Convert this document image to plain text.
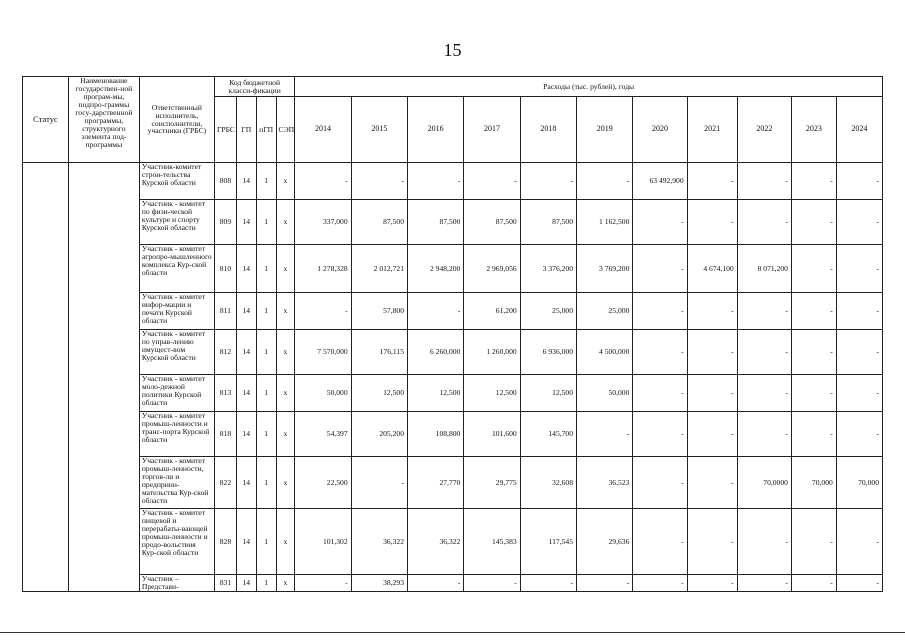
15
Статус	Наименование государствен-ной програм-мы, подпро-граммы госу-дарственной программы, структурного элемента под-программы	Ответственный исполнитель, соисполнители, участники (ГРБС)	Код бюджетной класси-фикации				Расходы (тыс. рублей), годы										
			ГРБС	ГП	пГП	СЭП	2014	2015	2016	2017	2018	2019	2020	2021	2022	2023	2024
		Участник-комитет строи-тельства Курской области	808	14	1	x	-	-	-	-	-	-	63 492,900	-	-	-	-
		Участник - комитет по физи-ческой культуре и спорту Курской области	809	14	1	x	337,000	87,500	87,500	87,500	87,500	1 162,500	-	-	-	-	-
		Участник - комитет агропро-мышленного комплекса Кур-ской области	810	14	1	x	1 278,328	2 012,721	2 948,200	2 969,056	3 376,200	3 769,200	-	4 674,100	8 071,200	-	-
		Участник - комитет инфор-мации и печати Курской области	811	14	1	x	-	57,800	-	61,200	25,000	25,000	-	-	-	-	-
		Участник - комитет по управ-лению имущест-вом Курской области	812	14	1	x	7 570,000	176,115	6 260,000	1 260,000	6 936,000	4 500,000	-	-	-	-	-
		Участник - комитет моло-дежной политики Курской области	813	14	1	x	50,000	12,500	12,500	12,500	12,500	50,000	-	-	-	-	-
		Участник - комитет промыш-ленности и транс-порта Курской области	818	14	1	x	54,397	205,200	108,800	101,600	145,700	-	-	-	-	-	-
		Участник - комитет промыш-ленности, торгов-ли и предприни-мательства Кур-ской области	822	14	1	x	22,500	-	27,770	29,775	32,608	36,523	-	-	70,0000	70,000	70,000
		Участник - комитет пищевой и перерабаты-вающей промыш-ленности и продо-вольствия Кур-ской области	828	14	1	x	101,302	36,322	36,322	145,383	117,545	29,636	-	-	-	-	-
		Участник – Представи-	831	14	1	x	-	38,293	-	-	-	-	-	-	-	-	-
